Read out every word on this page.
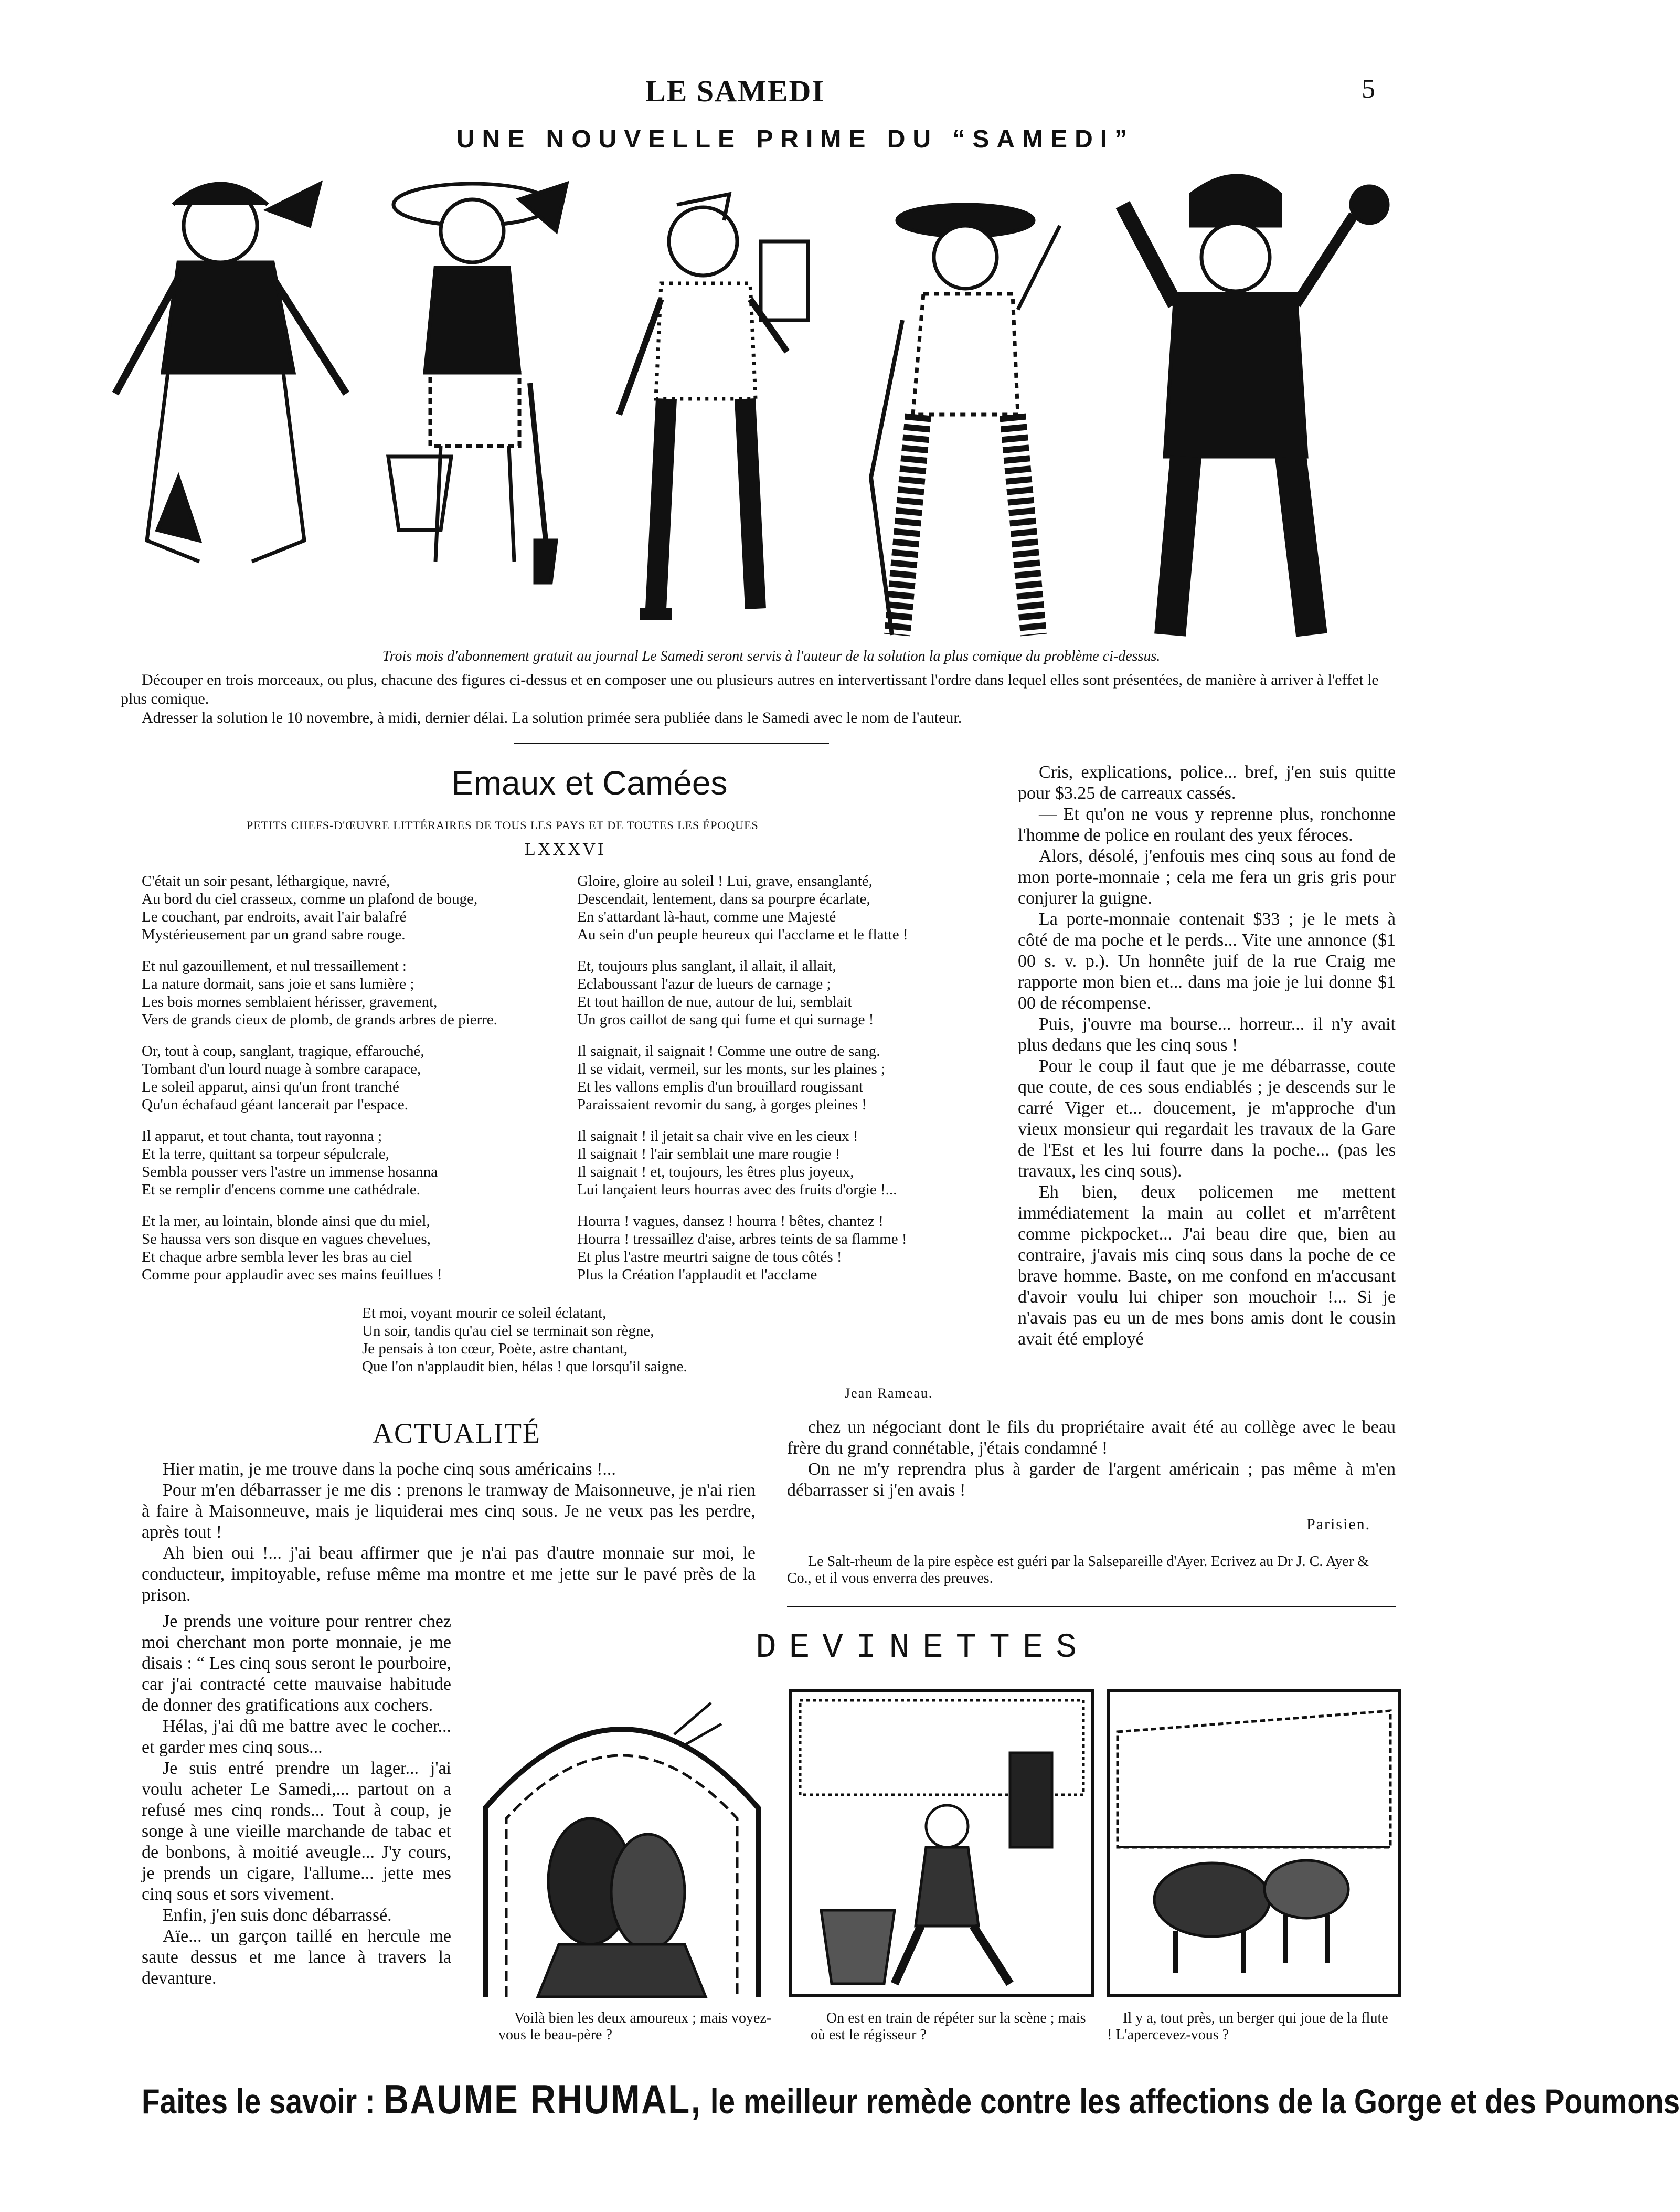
LE SAMEDI	5
UNE NOUVELLE PRIME DU “SAMEDI”
Trois mois d'abonnement gratuit au journal Le Samedi seront servis à l'auteur de la solution la plus comique du problème ci-dessus.

Découper en trois morceaux, ou plus, chacune des figures ci-dessus et en composer une ou plusieurs autres en intervertissant l'ordre dans lequel elles sont présentées, de manière à arriver à l'effet le plus comique.

Adresser la solution le 10 novembre, à midi, dernier délai. La solution primée sera publiée dans le Samedi avec le nom de l'auteur.

Emaux et Camées
PETITS CHEFS-D'ŒUVRE LITTÉRAIRES DE TOUS LES PAYS ET DE TOUTES LES ÉPOQUES
LXXXVI

C'était un soir pesant, léthargique, navré,
Au bord du ciel crasseux, comme un plafond de bouge,
Le couchant, par endroits, avait l'air balafré
Mystérieusement par un grand sabre rouge.

Et nul gazouillement, et nul tressaillement :
La nature dormait, sans joie et sans lumière ;
Les bois mornes semblaient hérisser, gravement,
Vers de grands cieux de plomb, de grands arbres de pierre.

Or, tout à coup, sanglant, tragique, effarouché,
Tombant d'un lourd nuage à sombre carapace,
Le soleil apparut, ainsi qu'un front tranché
Qu'un échafaud géant lancerait par l'espace.

Il apparut, et tout chanta, tout rayonna ;
Et la terre, quittant sa torpeur sépulcrale,
Sembla pousser vers l'astre un immense hosanna
Et se remplir d'encens comme une cathédrale.

Et la mer, au lointain, blonde ainsi que du miel,
Se haussa vers son disque en vagues chevelues,
Et chaque arbre sembla lever les bras au ciel
Comme pour applaudir avec ses mains feuillues !

Gloire, gloire au soleil ! Lui, grave, ensanglanté,
Descendait, lentement, dans sa pourpre écarlate,
En s'attardant là-haut, comme une Majesté
Au sein d'un peuple heureux qui l'acclame et le flatte !

Et, toujours plus sanglant, il allait, il allait,
Eclaboussant l'azur de lueurs de carnage ;
Et tout haillon de nue, autour de lui, semblait
Un gros caillot de sang qui fume et qui surnage !

Il saignait, il saignait ! Comme une outre de sang.
Il se vidait, vermeil, sur les monts, sur les plaines ;
Et les vallons emplis d'un brouillard rougissant
Paraissaient revomir du sang, à gorges pleines !

Il saignait ! il jetait sa chair vive en les cieux !
Il saignait ! l'air semblait une mare rougie !
Il saignait ! et, toujours, les êtres plus joyeux,
Lui lançaient leurs hourras avec des fruits d'orgie !...

Hourra ! vagues, dansez ! hourra ! bêtes, chantez !
Hourra ! tressaillez d'aise, arbres teints de sa flamme !
Et plus l'astre meurtri saigne de tous côtés !
Plus la Création l'applaudit et l'acclame

Et moi, voyant mourir ce soleil éclatant,
Un soir, tandis qu'au ciel se terminait son règne,
Je pensais à ton cœur, Poète, astre chantant,
Que l'on n'applaudit bien, hélas ! que lorsqu'il saigne.

Jean Rameau.

Cris, explications, police... bref, j'en suis quitte pour $3.25 de carreaux cassés.

— Et qu'on ne vous y reprenne plus, ronchonne l'homme de police en roulant des yeux féroces.

Alors, désolé, j'enfouis mes cinq sous au fond de mon porte-monnaie ; cela me fera un gris gris pour conjurer la guigne.

La porte-monnaie contenait $33 ; je le mets à côté de ma poche et le perds... Vite une annonce ($1 00 s. v. p.). Un honnête juif de la rue Craig me rapporte mon bien et... dans ma joie je lui donne $1 00 de récompense.

Puis, j'ouvre ma bourse... horreur... il n'y avait plus dedans que les cinq sous !

Pour le coup il faut que je me débarrasse, coute que coute, de ces sous endiablés ; je descends sur le carré Viger et... doucement, je m'approche d'un vieux monsieur qui regardait les travaux de la Gare de l'Est et les lui fourre dans la poche... (pas les travaux, les cinq sous).

Eh bien, deux policemen me mettent immédiatement la main au collet et m'arrêtent comme pickpocket... J'ai beau dire que, bien au contraire, j'avais mis cinq sous dans la poche de ce brave homme. Baste, on me confond en m'accusant d'avoir voulu lui chiper son mouchoir !... Si je n'avais pas eu un de mes bons amis dont le cousin avait été employé

ACTUALITÉ

Hier matin, je me trouve dans la poche cinq sous américains !...

Pour m'en débarrasser je me dis : prenons le tramway de Maisonneuve, je n'ai rien à faire à Maisonneuve, mais je liquiderai mes cinq sous. Je ne veux pas les perdre, après tout !

Ah bien oui !... j'ai beau affirmer que je n'ai pas d'autre monnaie sur moi, le conducteur, impitoyable, refuse même ma montre et me jette sur le pavé près de la prison.

Je prends une voiture pour rentrer chez moi cherchant mon porte monnaie, je me disais : “ Les cinq sous seront le pourboire, car j'ai contracté cette mauvaise habitude de donner des gratifications aux cochers.

Hélas, j'ai dû me battre avec le cocher... et garder mes cinq sous...

Je suis entré prendre un lager... j'ai voulu acheter Le Samedi,... partout on a refusé mes cinq ronds... Tout à coup, je songe à une vieille marchande de tabac et de bonbons, à moitié aveugle... J'y cours, je prends un cigare, l'allume... jette mes cinq sous et sors vivement.

Enfin, j'en suis donc débarrassé.

Aïe... un garçon taillé en hercule me saute dessus et me lance à travers la devanture.

chez un négociant dont le fils du propriétaire avait été au collège avec le beau frère du grand connétable, j'étais condamné !

On ne m'y reprendra plus à garder de l'argent américain ; pas même à m'en débarrasser si j'en avais !

Parisien.
Le Salt-rheum de la pire espèce est guéri par la Salsepareille d'Ayer. Ecrivez au Dr J. C. Ayer & Co., et il vous enverra des preuves.
DEVINETTES
Voilà bien les deux amoureux ; mais voyez-vous le beau-père ?
On est en train de répéter sur la scène ; mais où est le régisseur ?
Il y a, tout près, un berger qui joue de la flute ! L'apercevez-vous ?
Faites le savoir : BAUME RHUMAL, le meilleur remède contre les affections de la Gorge et des Poumons
